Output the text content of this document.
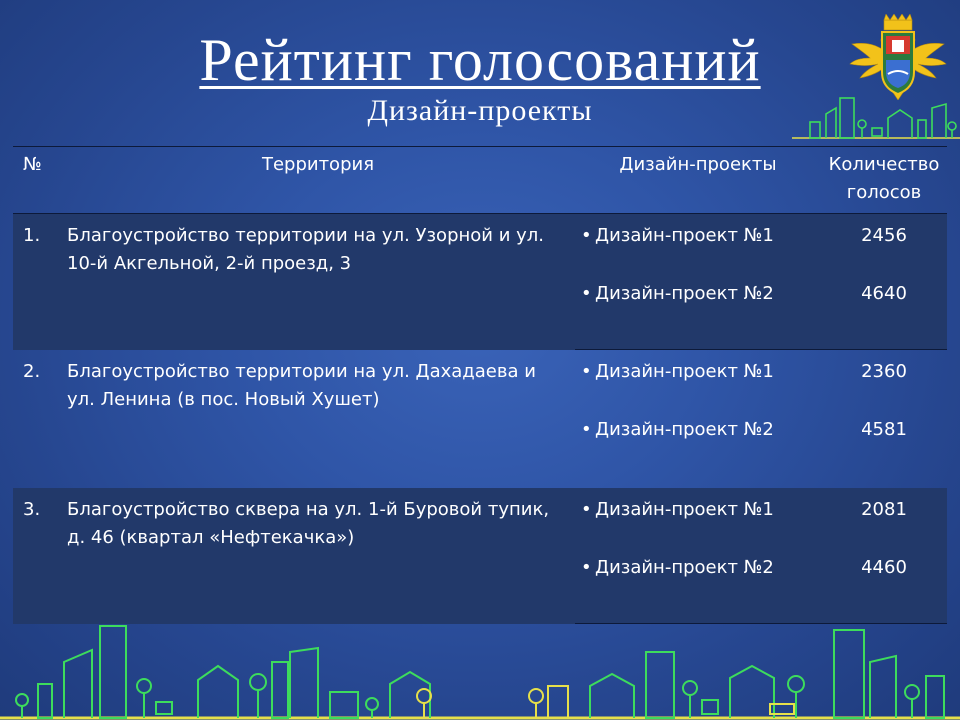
Рейтинг голосований
Дизайн-проекты
№	Территория	Дизайн-проекты	Количество голосов
1.	Благоустройство территории на ул. Узорной и ул. 10-й Акгельной, 2-й проезд, 3	• Дизайн-проект №1	2456
		• Дизайн-проект №2	4640
2.	Благоустройство территории на ул. Дахадаева и ул. Ленина (в пос. Новый Хушет)	• Дизайн-проект №1	2360
		• Дизайн-проект №2	4581
3.	Благоустройство сквера на ул. 1-й Буровой тупик, д. 46 (квартал «Нефтекачка»)	• Дизайн-проект №1	2081
		• Дизайн-проект №2	4460
